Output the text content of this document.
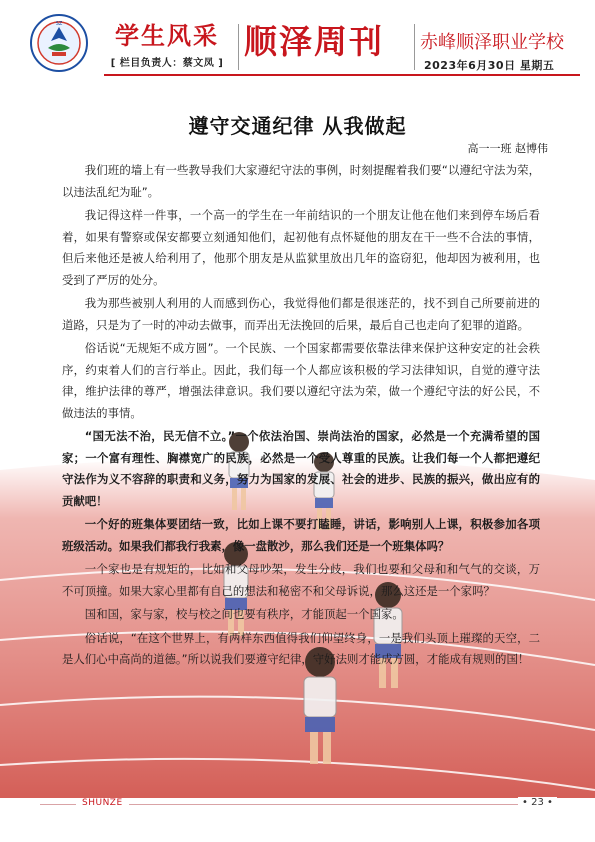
SZ	学生风采
[ 栏目负责人：蔡文凤 ]
顺泽周刊	赤峰顺泽职业学校
2023年6月30日 星期五
遵守交通纪律 从我做起
高一一班 赵博伟

我们班的墙上有一些教导我们大家遵纪守法的事例，时刻提醒着我们要“以遵纪守法为荣，以违法乱纪为耻”。

我记得这样一件事，一个高一的学生在一年前结识的一个朋友让他在他们来到停车场后看着，如果有警察或保安都要立刻通知他们，起初他有点怀疑他的朋友在干一些不合法的事情，但后来他还是被人给利用了，他那个朋友是从监狱里放出几年的盗窃犯，他却因为被利用，也受到了严厉的处分。

我为那些被别人利用的人而感到伤心，我觉得他们都是很迷茫的，找不到自己所要前进的道路，只是为了一时的冲动去做事，而弄出无法挽回的后果，最后自己也走向了犯罪的道路。

俗话说“无规矩不成方圆”。一个民族、一个国家都需要依靠法律来保护这种安定的社会秩序，约束着人们的言行举止。因此，我们每一个人都应该积极的学习法律知识，自觉的遵守法律，维护法律的尊严，增强法律意识。我们要以遵纪守法为荣，做一个遵纪守法的好公民，不做违法的事情。

“国无法不治，民无信不立。”一个依法治国、崇尚法治的国家，必然是一个充满希望的国家；一个富有理性、胸襟宽广的民族，必然是一个受人尊重的民族。让我们每一个人都把遵纪守法作为义不容辞的职责和义务，努力为国家的发展、社会的进步、民族的振兴，做出应有的贡献吧！

一个好的班集体要团结一致，比如上课不要打瞌睡，讲话，影响别人上课，积极参加各项班级活动。如果我们都我行我素，像一盘散沙，那么我们还是一个班集体吗？

一个家也是有规矩的，比如和父母吵架，发生分歧，我们也要和父母和和气气的交谈，万不可顶撞。如果大家心里都有自己的想法和秘密不和父母诉说，那么这还是一个家吗？

国和国，家与家，校与校之间也要有秩序，才能顶起一个国家。

俗话说，“在这个世界上，有两样东西值得我们仰望终身，一是我们头顶上璀璨的天空，二是人们心中高尚的道德。”所以说我们要遵守纪律，守好法则才能成方圆，才能成有规则的国！

SHUNZE	• 23 •
